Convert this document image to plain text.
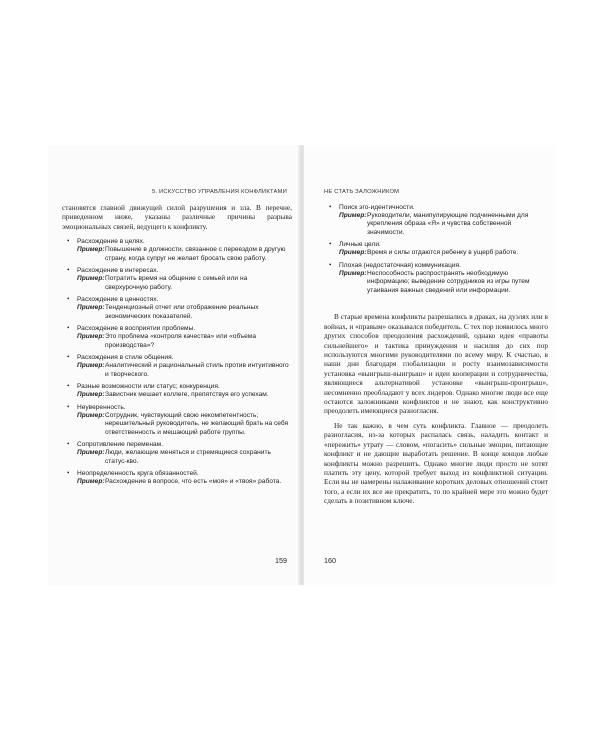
5. ИСКУССТВО УПРАВЛЕНИЯ КОНФЛИКТАМИ

становятся главной движущей силой разрушения и зла. В перечне, приведенном ниже, указаны различные причины разрыва эмоциональных связей, ведущего к конфликту.

• Расхождение в целях.
Пример:Повышение в должности, связанное с переездом в другую страну, когда супруг не желает бросать свою работу.
• Расхождение в интересах.
Пример:Потратить время на общение с семьей или на сверхурочную работу.
• Расхождение в ценностях.
Пример:Тенденциозный отчет или отображение реальных экономических показателей.
• Расхождение в восприятии проблемы.
Пример:Это проблема «контроля качества» или «объема производства»?
• Расхождения в стиле общения.
Пример:Аналитический и рациональный стиль против интуитивного и творческого.
• Разные возможности или статус; конкуренция.
Пример:Завистник мешает коллеге, препятствуя его успехам.
• Неуверенность.
Пример:Сотрудник, чувствующий свою некомпетентность; нерешительный руководитель, не желающий брать на себя ответственность и мешающий работе группы.
• Сопротивление переменам.
Пример:Люди, желающие меняться и стремящиеся сохранить статус-кво.
• Неопределенность круга обязанностей.
Пример:Расхождение в вопросе, что есть «моя» и «твоя» работа.
159
НЕ СТАТЬ ЗАЛОЖНИКОМ
• Поиск эго-идентичности.
Пример:Руководители, манипулирующие подчиненными для укрепления образа «Я» и чувства собственной значимости.
• Личные цели.
Пример:Время и силы отдаются ребенку в ущерб работе.
• Плохая (недостаточная) коммуникация.
Пример:Неспособность распространять необходимую информацию; выведение сотрудников из игры путем утаивания важных сведений или информации.

В старые времена конфликты разрешались в драках, на дуэлях или в войнах, и «правым» оказывался победитель. С тех пор появилось много других способов преодоления расхождений, однако идея «правоты сильнейшего» и тактика принуждения и насилия до сих пор используются многими руководителями по всему миру. К счастью, в наши дни благодаря глобализации и росту взаимозависимости установка «выигрыш-выигрыш» и идеи кооперации и сотрудничества, являющиеся альтернативой установке «выигрыш-проигрыш», несомненно преобладают у всех лидеров. Однако многие люди все еще остаются заложниками конфликтов и не знают, как конструктивно преодолеть имеющиеся разногласия.

Не так важно, в чем суть конфликта. Главное — преодолеть разногласия, из-за которых распалась связь, наладить контакт и «пережить» утрату — словом, «погасить» сильные эмоции, питающие конфликт и не дающие выработать решение. В конце концов любые конфликты можно разрешить. Однако многие люди просто не хотят платить эту цену, которой требует выход из конфликтной ситуации. Если вы не намерены налаживание коротких деловых отношений стоит того, а если их все же прекратить, то по крайней мере это можно будет сделать в позитивном ключе.

160
